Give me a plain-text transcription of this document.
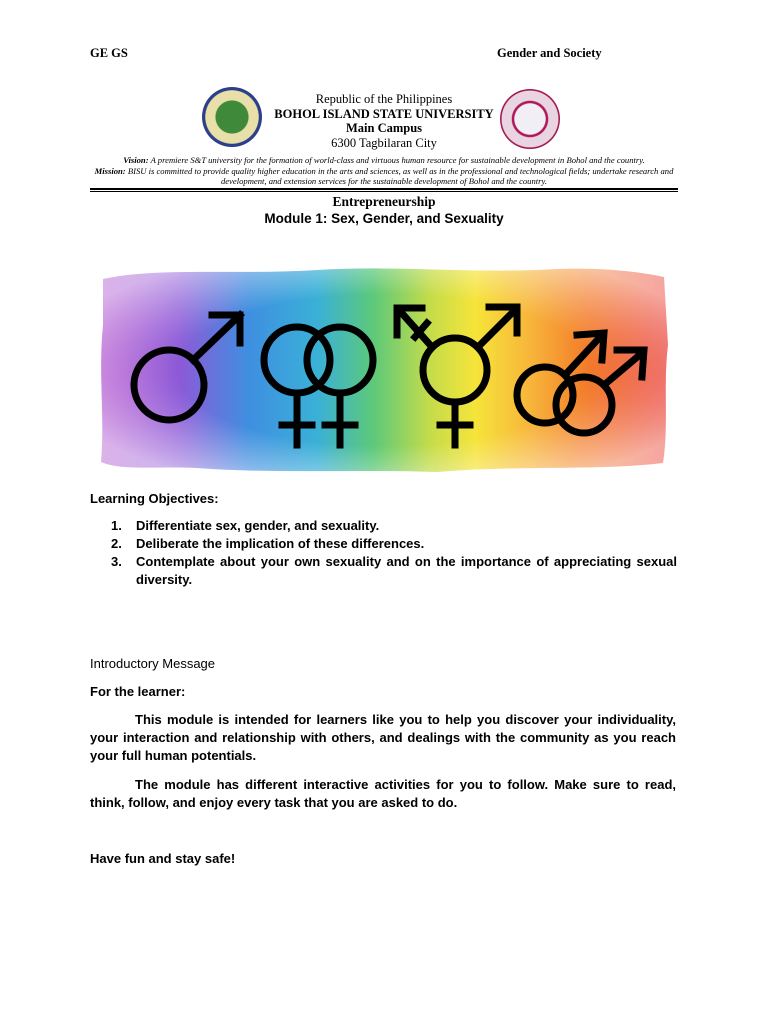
GE GS	Gender and Society
Republic of the Philippines
BOHOL ISLAND STATE UNIVERSITY
Main Campus
6300 Tagbilaran City
Vision: A premiere S&T university for the formation of world-class and virtuous human resource for sustainable development in Bohol and the country.
Mission: BISU is committed to provide quality higher education in the arts and sciences, as well as in the professional and technological fields; undertake research and development, and extension services for the sustainable development of Bohol and the country.
Entrepreneurship
Module 1: Sex, Gender, and Sexuality
Learning Objectives:
1.	Differentiate sex, gender, and sexuality.
2.	Deliberate the implication of these differences.
3.	Contemplate about your own sexuality and on the importance of appreciating sexual diversity.
Introductory Message
For the learner:
This module is intended for learners like you to help you discover your individuality, your interaction and relationship with others, and dealings with the community as you reach your full human potentials.
The module has different interactive activities for you to follow. Make sure to read, think, follow, and enjoy every task that you are asked to do.
Have fun and stay safe!
